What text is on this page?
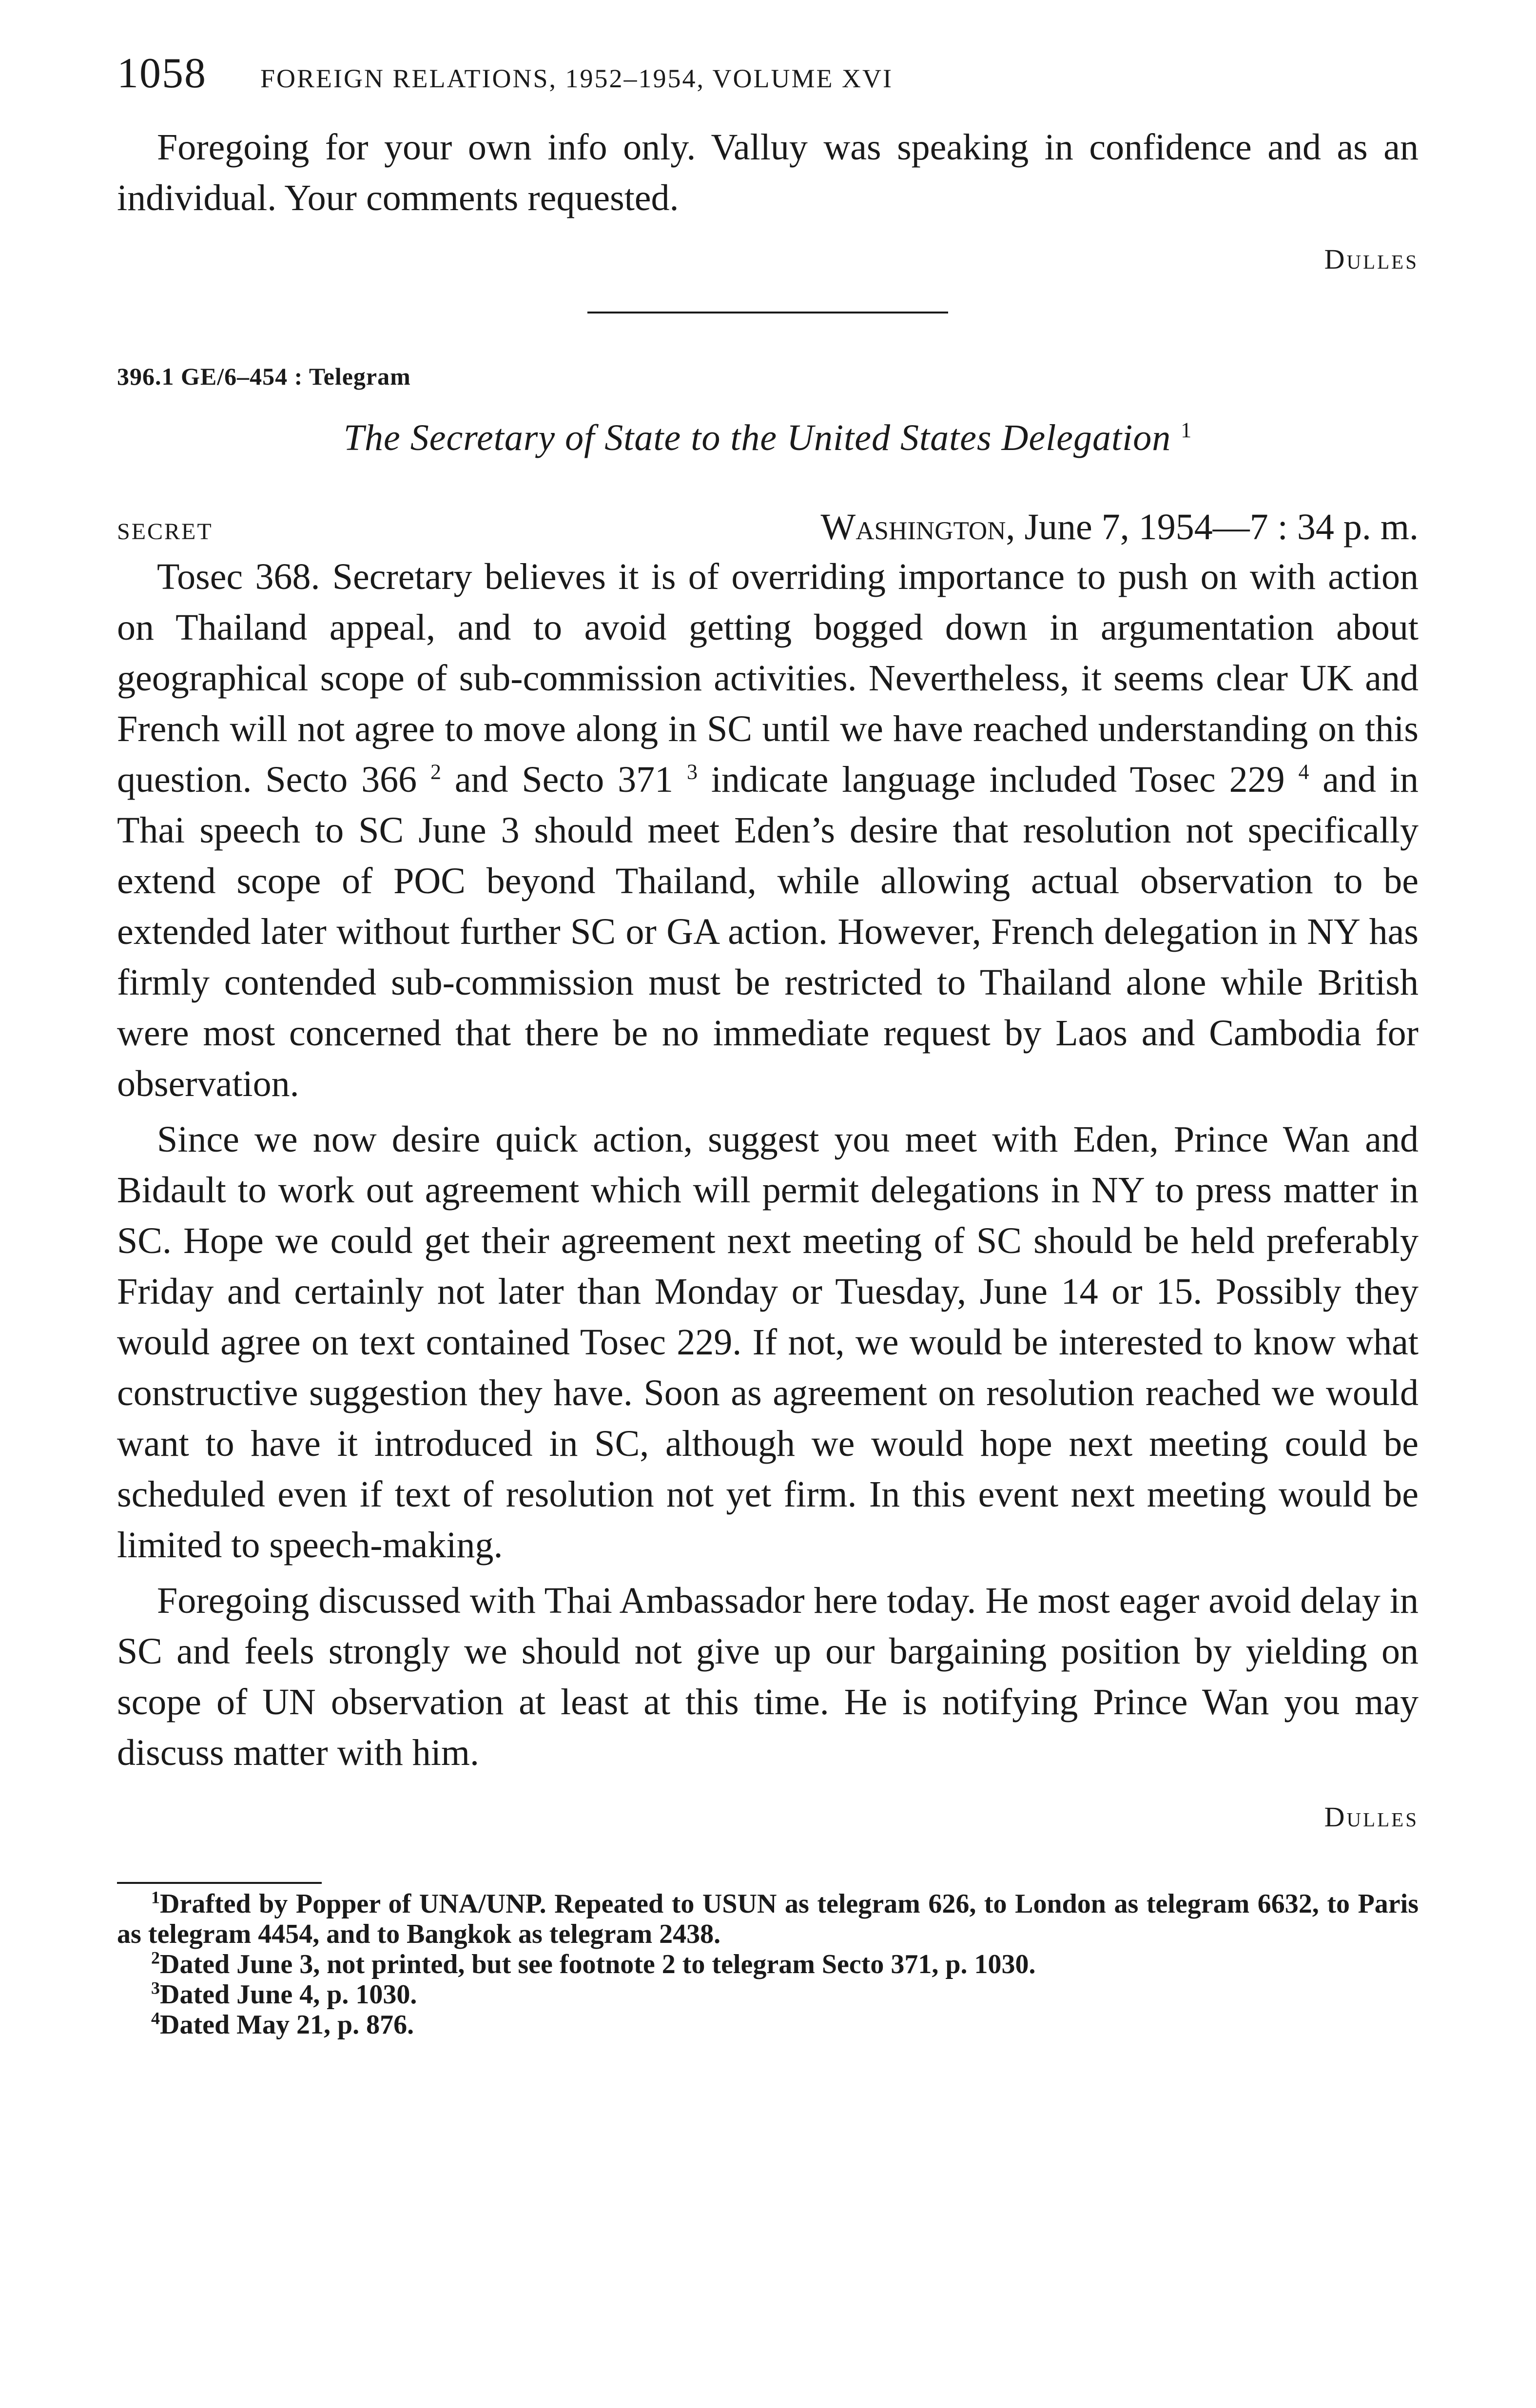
1058 FOREIGN RELATIONS, 1952–1954, VOLUME XVI

Foregoing for your own info only. Valluy was speaking in confidence and as an individual. Your comments requested.

Dulles
396.1 GE/6–454 : Telegram
The Secretary of State to the United States Delegation $^1$
SECRET	Washington, June 7, 1954—7 : 34 p. m.

Tosec 368. Secretary believes it is of overriding importance to push on with action on Thailand appeal, and to avoid getting bogged down in argumentation about geographical scope of sub-commission activities. Nevertheless, it seems clear UK and French will not agree to move along in SC until we have reached understanding on this question. Secto 366 $^2$ and Secto 371 $^3$ indicate language included Tosec 229 $^4$ and in Thai speech to SC June 3 should meet Eden’s desire that resolution not specifically extend scope of POC beyond Thailand, while allowing actual observation to be extended later without further SC or GA action. However, French delegation in NY has firmly contended sub-commission must be restricted to Thailand alone while British were most concerned that there be no immediate request by Laos and Cambodia for observation.

Since we now desire quick action, suggest you meet with Eden, Prince Wan and Bidault to work out agreement which will permit delegations in NY to press matter in SC. Hope we could get their agreement next meeting of SC should be held preferably Friday and certainly not later than Monday or Tuesday, June 14 or 15. Possibly they would agree on text contained Tosec 229. If not, we would be interested to know what constructive suggestion they have. Soon as agreement on resolution reached we would want to have it introduced in SC, although we would hope next meeting could be scheduled even if text of resolution not yet firm. In this event next meeting would be limited to speech-making.

Foregoing discussed with Thai Ambassador here today. He most eager avoid delay in SC and feels strongly we should not give up our bargaining position by yielding on scope of UN observation at least at this time. He is notifying Prince Wan you may discuss matter with him.

Dulles

$^1$Drafted by Popper of UNA/UNP. Repeated to USUN as telegram 626, to London as telegram 6632, to Paris as telegram 4454, and to Bangkok as telegram 2438.

$^2$Dated June 3, not printed, but see footnote 2 to telegram Secto 371, p. 1030.

$^3$Dated June 4, p. 1030.

$^4$Dated May 21, p. 876.
